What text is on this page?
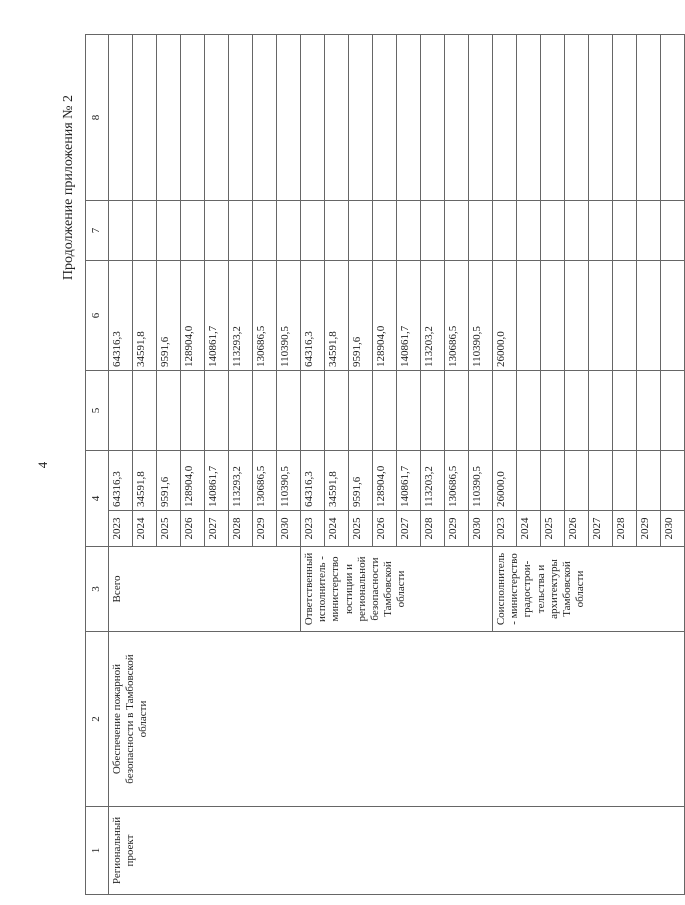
4
Продолжение приложения № 2
1	2	3	4		5	6	7	8
Региональный проект	Обеспечение пожарной безопасности в Тамбовской области	Всего	2023	64316,3		64316,3		
			2024	34591,8		34591,8		
			2025	9591,6		9591,6		
			2026	128904,0		128904,0		
			2027	140861,7		140861,7		
			2028	113293,2		113293,2		
			2029	130686,5		130686,5		
			2030	110390,5		110390,5		
		Ответственный исполнитель - министерство юстиции и региональной безопасности Тамбовской области	2023	64316,3		64316,3		
			2024	34591,8		34591,8		
			2025	9591,6		9591,6		
			2026	128904,0		128904,0		
			2027	140861,7		140861,7		
			2028	113203,2		113203,2		
			2029	130686,5		130686,5		
			2030	110390,5		110390,5		
		Соисполнитель - министерство градострои- тельства и архитектуры Тамбовской области	2023	26000,0		26000,0		
			2024					
			2025					
			2026					
			2027					
			2028					
			2029					
			2030					
